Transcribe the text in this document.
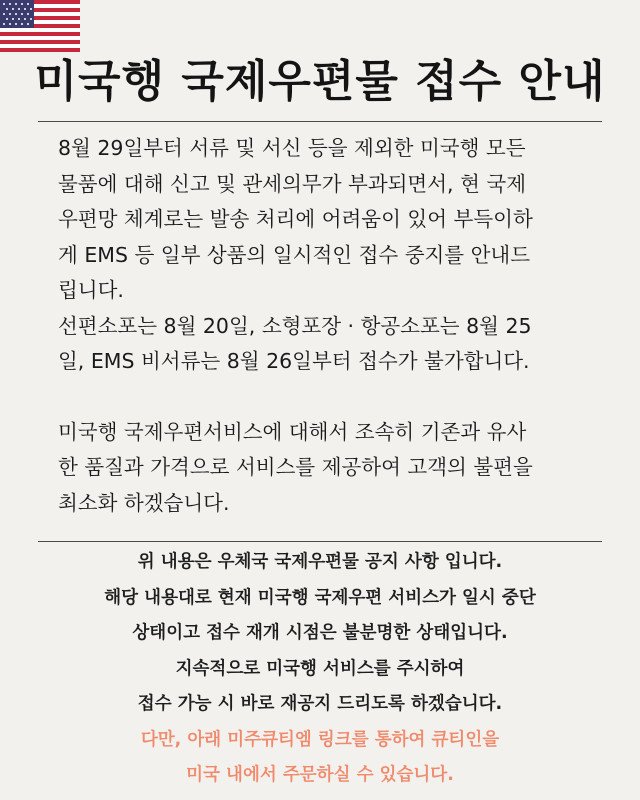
미국행 국제우편물 접수 안내

8월 29일부터 서류 및 서신 등을 제외한 미국행 모든

물품에 대해 신고 및 관세의무가 부과되면서, 현 국제

우편망 체계로는 발송 처리에 어려움이 있어 부득이하

게 EMS 등 일부 상품의 일시적인 접수 중지를 안내드

립니다.

선편소포는 8월 20일, 소형포장 · 항공소포는 8월 25

일, EMS 비서류는 8월 26일부터 접수가 불가합니다.

미국행 국제우편서비스에 대해서 조속히 기존과 유사

한 품질과 가격으로 서비스를 제공하여 고객의 불편을

최소화 하겠습니다.

위 내용은 우체국 국제우편물 공지 사항 입니다.

해당 내용대로 현재 미국행 국제우편 서비스가 일시 중단

상태이고 접수 재개 시점은 불분명한 상태입니다.

지속적으로 미국행 서비스를 주시하여

접수 가능 시 바로 재공지 드리도록 하겠습니다.

다만, 아래 미주큐티엠 링크를 통하여 큐티인을

미국 내에서 주문하실 수 있습니다.
